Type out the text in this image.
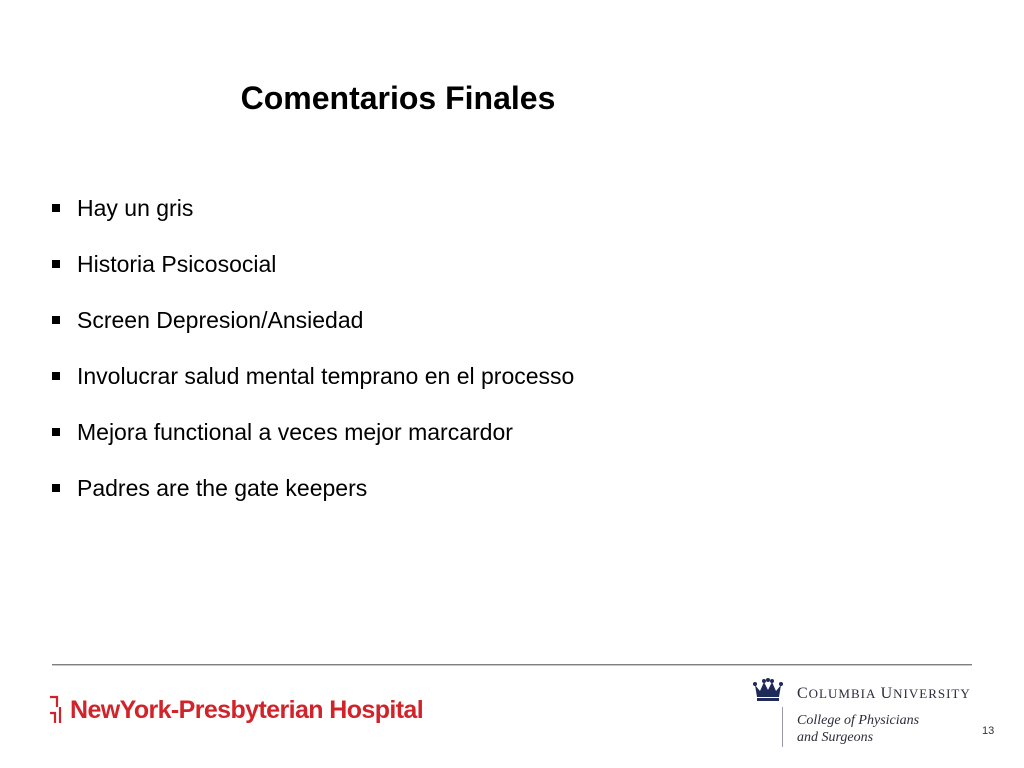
Comentarios Finales
Hay un gris
Historia Psicosocial
Screen Depresion/Ansiedad
Involucrar salud mental temprano en el processo
Mejora functional a veces mejor marcardor
Padres are the gate keepers
NewYork-Presbyterian Hospital
COLUMBIA UNIVERSITY
College of Physicians
and Surgeons	13
